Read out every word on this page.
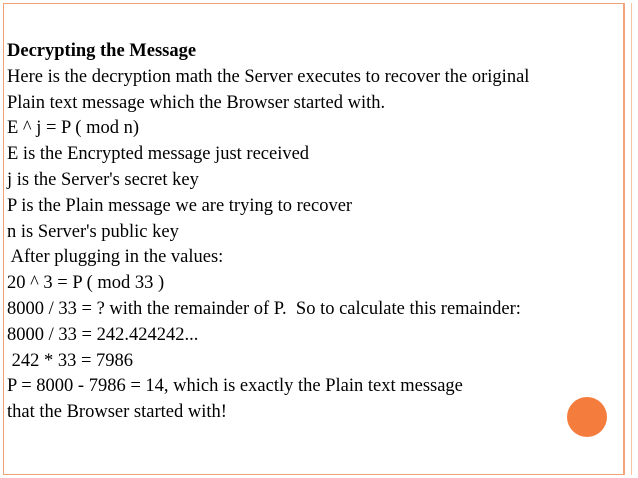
Decrypting the Message
Here is the decryption math the Server executes to recover the original
Plain text message which the Browser started with.
E ^ j = P ( mod n)
E is the Encrypted message just received
j is the Server's secret key
P is the Plain message we are trying to recover
n is Server's public key
After plugging in the values:
20 ^ 3 = P ( mod 33 )
8000 / 33 = ? with the remainder of P.  So to calculate this remainder:
8000 / 33 = 242.424242...
242 * 33 = 7986
P = 8000 - 7986 = 14, which is exactly the Plain text message
that the Browser started with!
